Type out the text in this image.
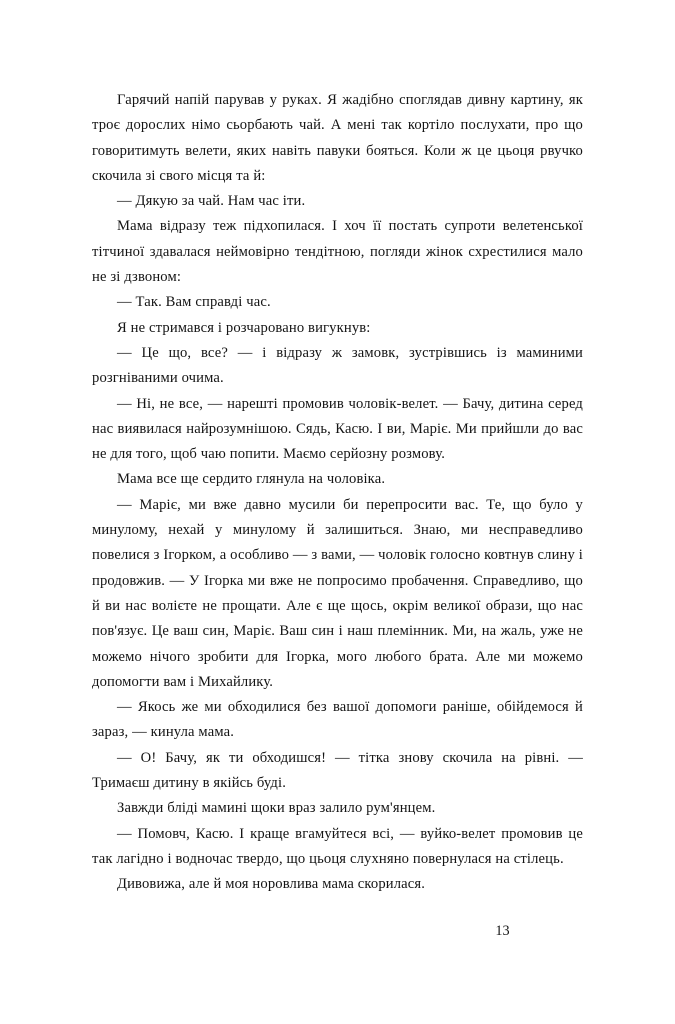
Гарячий напій парував у руках. Я жадібно споглядав дивну картину, як троє дорослих німо сьорбають чай. А мені так кортіло послухати, про що говоритимуть велети, яких навіть павуки бояться. Коли ж це цьоця рвучко скочила зі свого місця та й:

— Дякую за чай. Нам час іти.

Мама відразу теж підхопилася. І хоч її постать супроти велетенської тітчиної здавалася неймовірно тендітною, погляди жінок схрестилися мало не зі дзвоном:

— Так. Вам справді час.

Я не стримався і розчаровано вигукнув:

— Це що, все? — і відразу ж замовк, зустрівшись із маминими розгніваними очима.

— Ні, не все, — нарешті промовив чоловік-велет. — Бачу, дитина серед нас виявилася найрозумнішою. Сядь, Касю. І ви, Маріє. Ми прийшли до вас не для того, щоб чаю попити. Маємо серйозну розмову.

Мама все ще сердито глянула на чоловіка.

— Маріє, ми вже давно мусили би перепросити вас. Те, що було у минулому, нехай у минулому й залишиться. Знаю, ми несправедливо повелися з Ігорком, а особливо — з вами, — чоловік голосно ковтнув слину і продовжив. — У Ігорка ми вже не попросимо пробачення. Справедливо, що й ви нас волієте не прощати. Але є ще щось, окрім великої образи, що нас пов'язує. Це ваш син, Маріє. Ваш син і наш племінник. Ми, на жаль, уже не можемо нічого зробити для Ігорка, мого любого брата. Але ми можемо допомогти вам і Михайлику.

— Якось же ми обходилися без вашої допомоги раніше, обійдемося й зараз, — кинула мама.

— О! Бачу, як ти обходишся! — тітка знову скочила на рівні. — Тримаєш дитину в якійсь буді.

Завжди бліді мамині щоки враз залило рум'янцем.

— Помовч, Касю. І краще вгамуйтеся всі, — вуйко-велет промовив це так лагідно і водночас твердо, що цьоця слухняно повернулася на стілець.

Дивовижа, але й моя норовлива мама скорилася.

13
